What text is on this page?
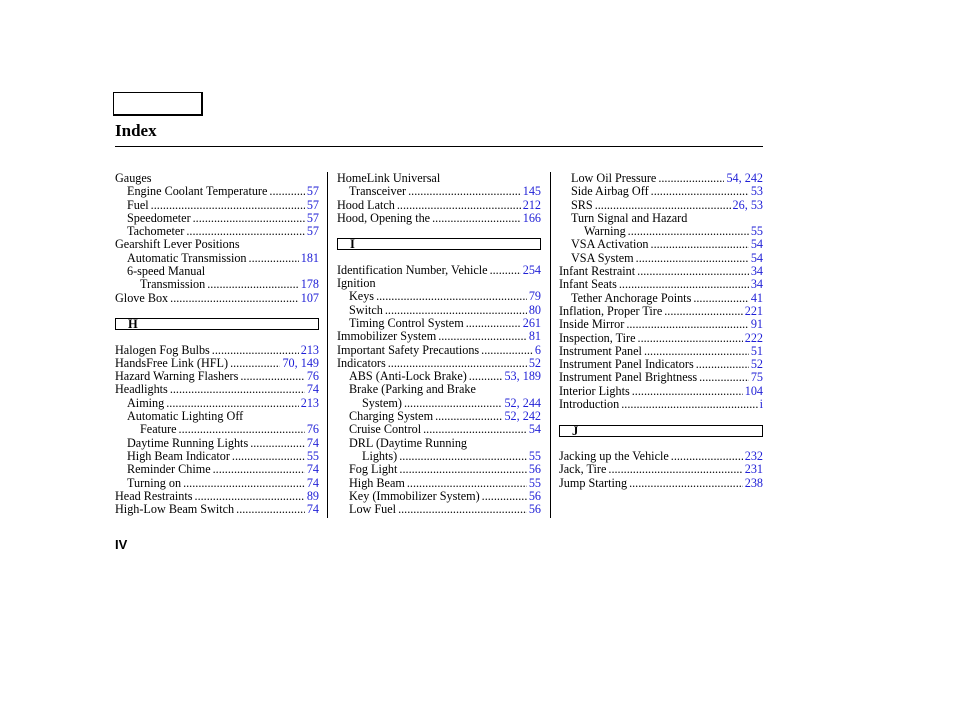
Index
Gauges
Engine Coolant Temperature .....	57
Fuel .....	57
Speedometer .....	57
Tachometer .....	57
Gearshift Lever Positions
Automatic Transmission .....	181
6-speed Manual
Transmission .....	178
Glove Box .....	107
H
Halogen Fog Bulbs .....	213
HandsFree Link (HFL) .....	70, 149
Hazard Warning Flashers .....	76
Headlights .....	74
Aiming .....	213
Automatic Lighting Off
Feature .....	76
Daytime Running Lights .....	74
High Beam Indicator .....	55
Reminder Chime .....	74
Turning on .....	74
Head Restraints .....	89
High-Low Beam Switch .....	74
HomeLink Universal
Transceiver .....	145
Hood Latch .....	212
Hood, Opening the .....	166
I
Identification Number, Vehicle .....	254
Ignition
Keys .....	79
Switch .....	80
Timing Control System .....	261
Immobilizer System .....	81
Important Safety Precautions .....	6
Indicators .....	52
ABS (Anti-Lock Brake) .....	53, 189
Brake (Parking and Brake
System) .....	52, 244
Charging System .....	52, 242
Cruise Control .....	54
DRL (Daytime Running
Lights) .....	55
Fog Light .....	56
High Beam .....	55
Key (Immobilizer System) .....	56
Low Fuel .....	56
Low Oil Pressure .....	54, 242
Side Airbag Off .....	53
SRS .....	26, 53
Turn Signal and Hazard
Warning .....	55
VSA Activation .....	54
VSA System .....	54
Infant Restraint .....	34
Infant Seats .....	34
Tether Anchorage Points .....	41
Inflation, Proper Tire .....	221
Inside Mirror .....	91
Inspection, Tire .....	222
Instrument Panel .....	51
Instrument Panel Indicators .....	52
Instrument Panel Brightness .....	75
Interior Lights .....	104
Introduction .....	i
J
Jacking up the Vehicle .....	232
Jack, Tire .....	231
Jump Starting .....	238
IV
